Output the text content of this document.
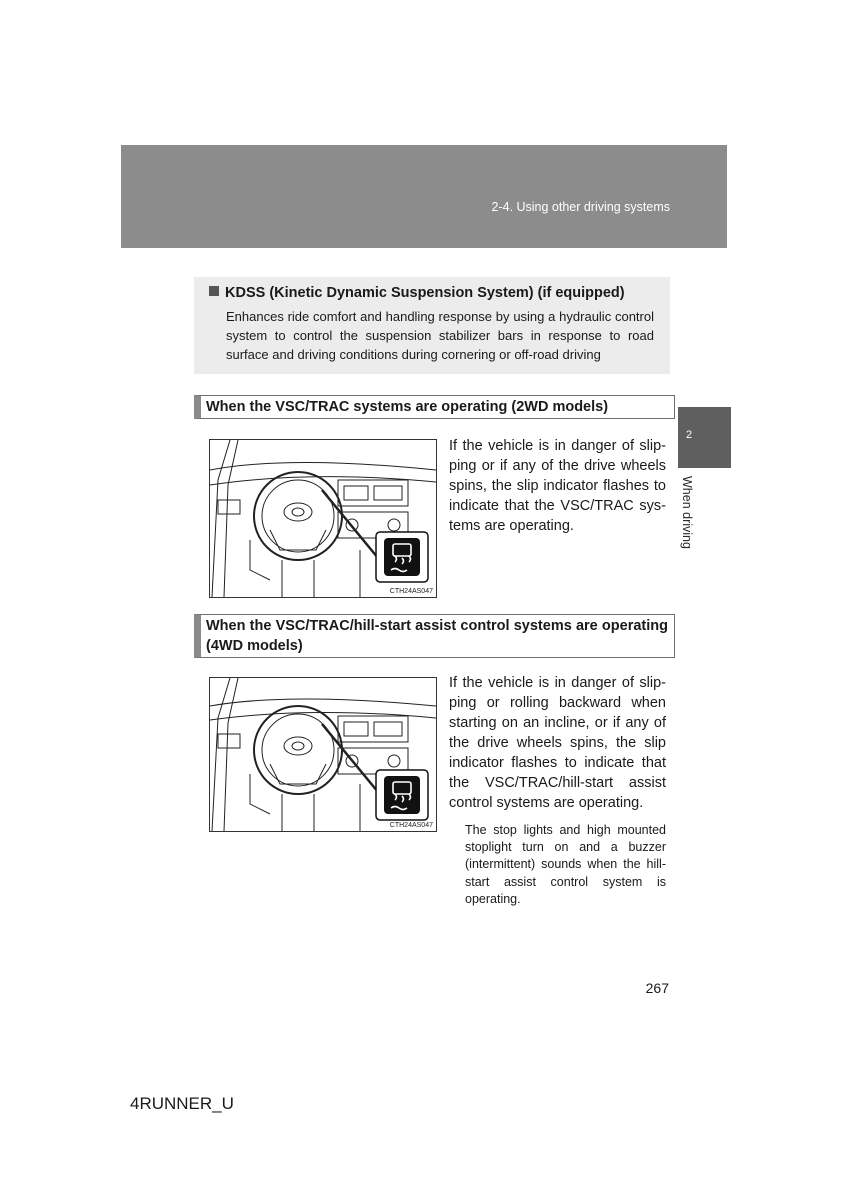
2-4. Using other driving systems
2
When driving
KDSS (Kinetic Dynamic Suspension System) (if equipped)
Enhances ride comfort and handling response by using a hydraulic control system to control the suspension stabilizer bars in response to road surface and driving conditions during cornering or off-road driving
When the VSC/TRAC systems are operating (2WD models)
CTH24AS047
If the vehicle is in danger of slip-ping or if any of the drive wheels spins, the slip indicator flashes to indicate that the VSC/TRAC sys-tems are operating.
When the VSC/TRAC/hill-start assist control systems are operating (4WD models)
CTH24AS047
If the vehicle is in danger of slip-ping or rolling backward when starting on an incline, or if any of the drive wheels spins, the slip indicator flashes to indicate that the VSC/TRAC/hill-start assist control systems are operating.
The stop lights and high mounted stoplight turn on and a buzzer (intermittent) sounds when the hill-start assist control system is operating.
267
4RUNNER_U
